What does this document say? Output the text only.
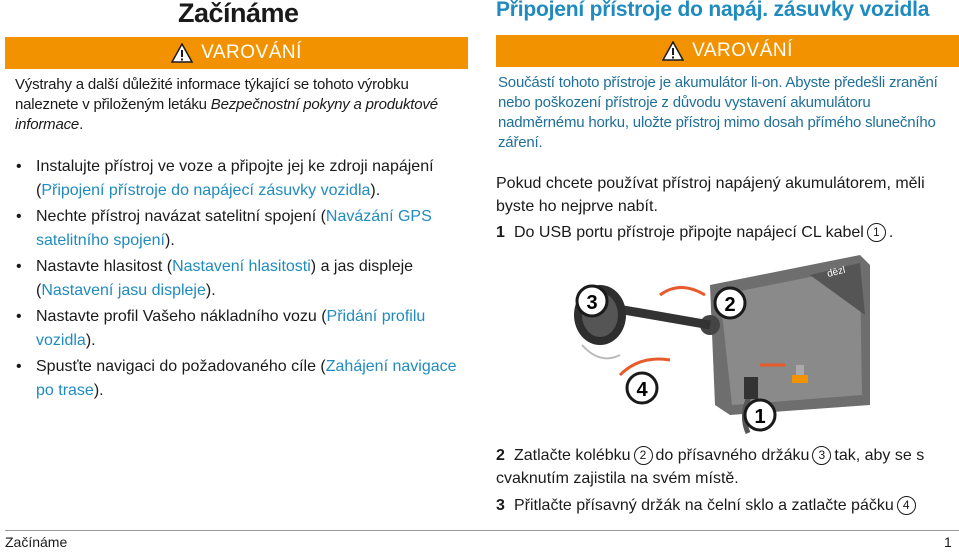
Začínáme
VAROVÁNÍ
Výstrahy a další důležité informace týkající se tohoto výrobku naleznete v přiloženým letáku Bezpečnostní pokyny a produktové informace.
• Instalujte přístroj ve voze a připojte jej ke zdroji napájení (Připojení přístroje do napájecí zásuvky vozidla).
• Nechte přístroj navázat satelitní spojení (Navázání GPS satelitního spojení).
• Nastavte hlasitost (Nastavení hlasitosti) a jas displeje (Nastavení jasu displeje).
• Nastavte profil Vašeho nákladního vozu (Přidání profilu vozidla).
• Spusťte navigaci do požadovaného cíle (Zahájení navigace po trase).
Připojení přístroje do napáj. zásuvky vozidla
VAROVÁNÍ
Součástí tohoto přístroje je akumulátor li-on. Abyste předešli zranění nebo poškození přístroje z důvodu vystavení akumulátoru nadměrnému horku, uložte přístroj mimo dosah přímého slunečního záření.
Pokud chcete používat přístroj napájený akumulátorem, měli byste ho nejprve nabít.
1 Do USB portu přístroje připojte napájecí CL kabel 1 .
dēzl
3	2
4
1
2 Zatlačte kolébku 2 do přísavného držáku 3 tak, aby se s cvaknutím zajistila na svém místě.
3 Přitlačte přísavný držák na čelní sklo a zatlačte páčku 4
Začínáme	1
